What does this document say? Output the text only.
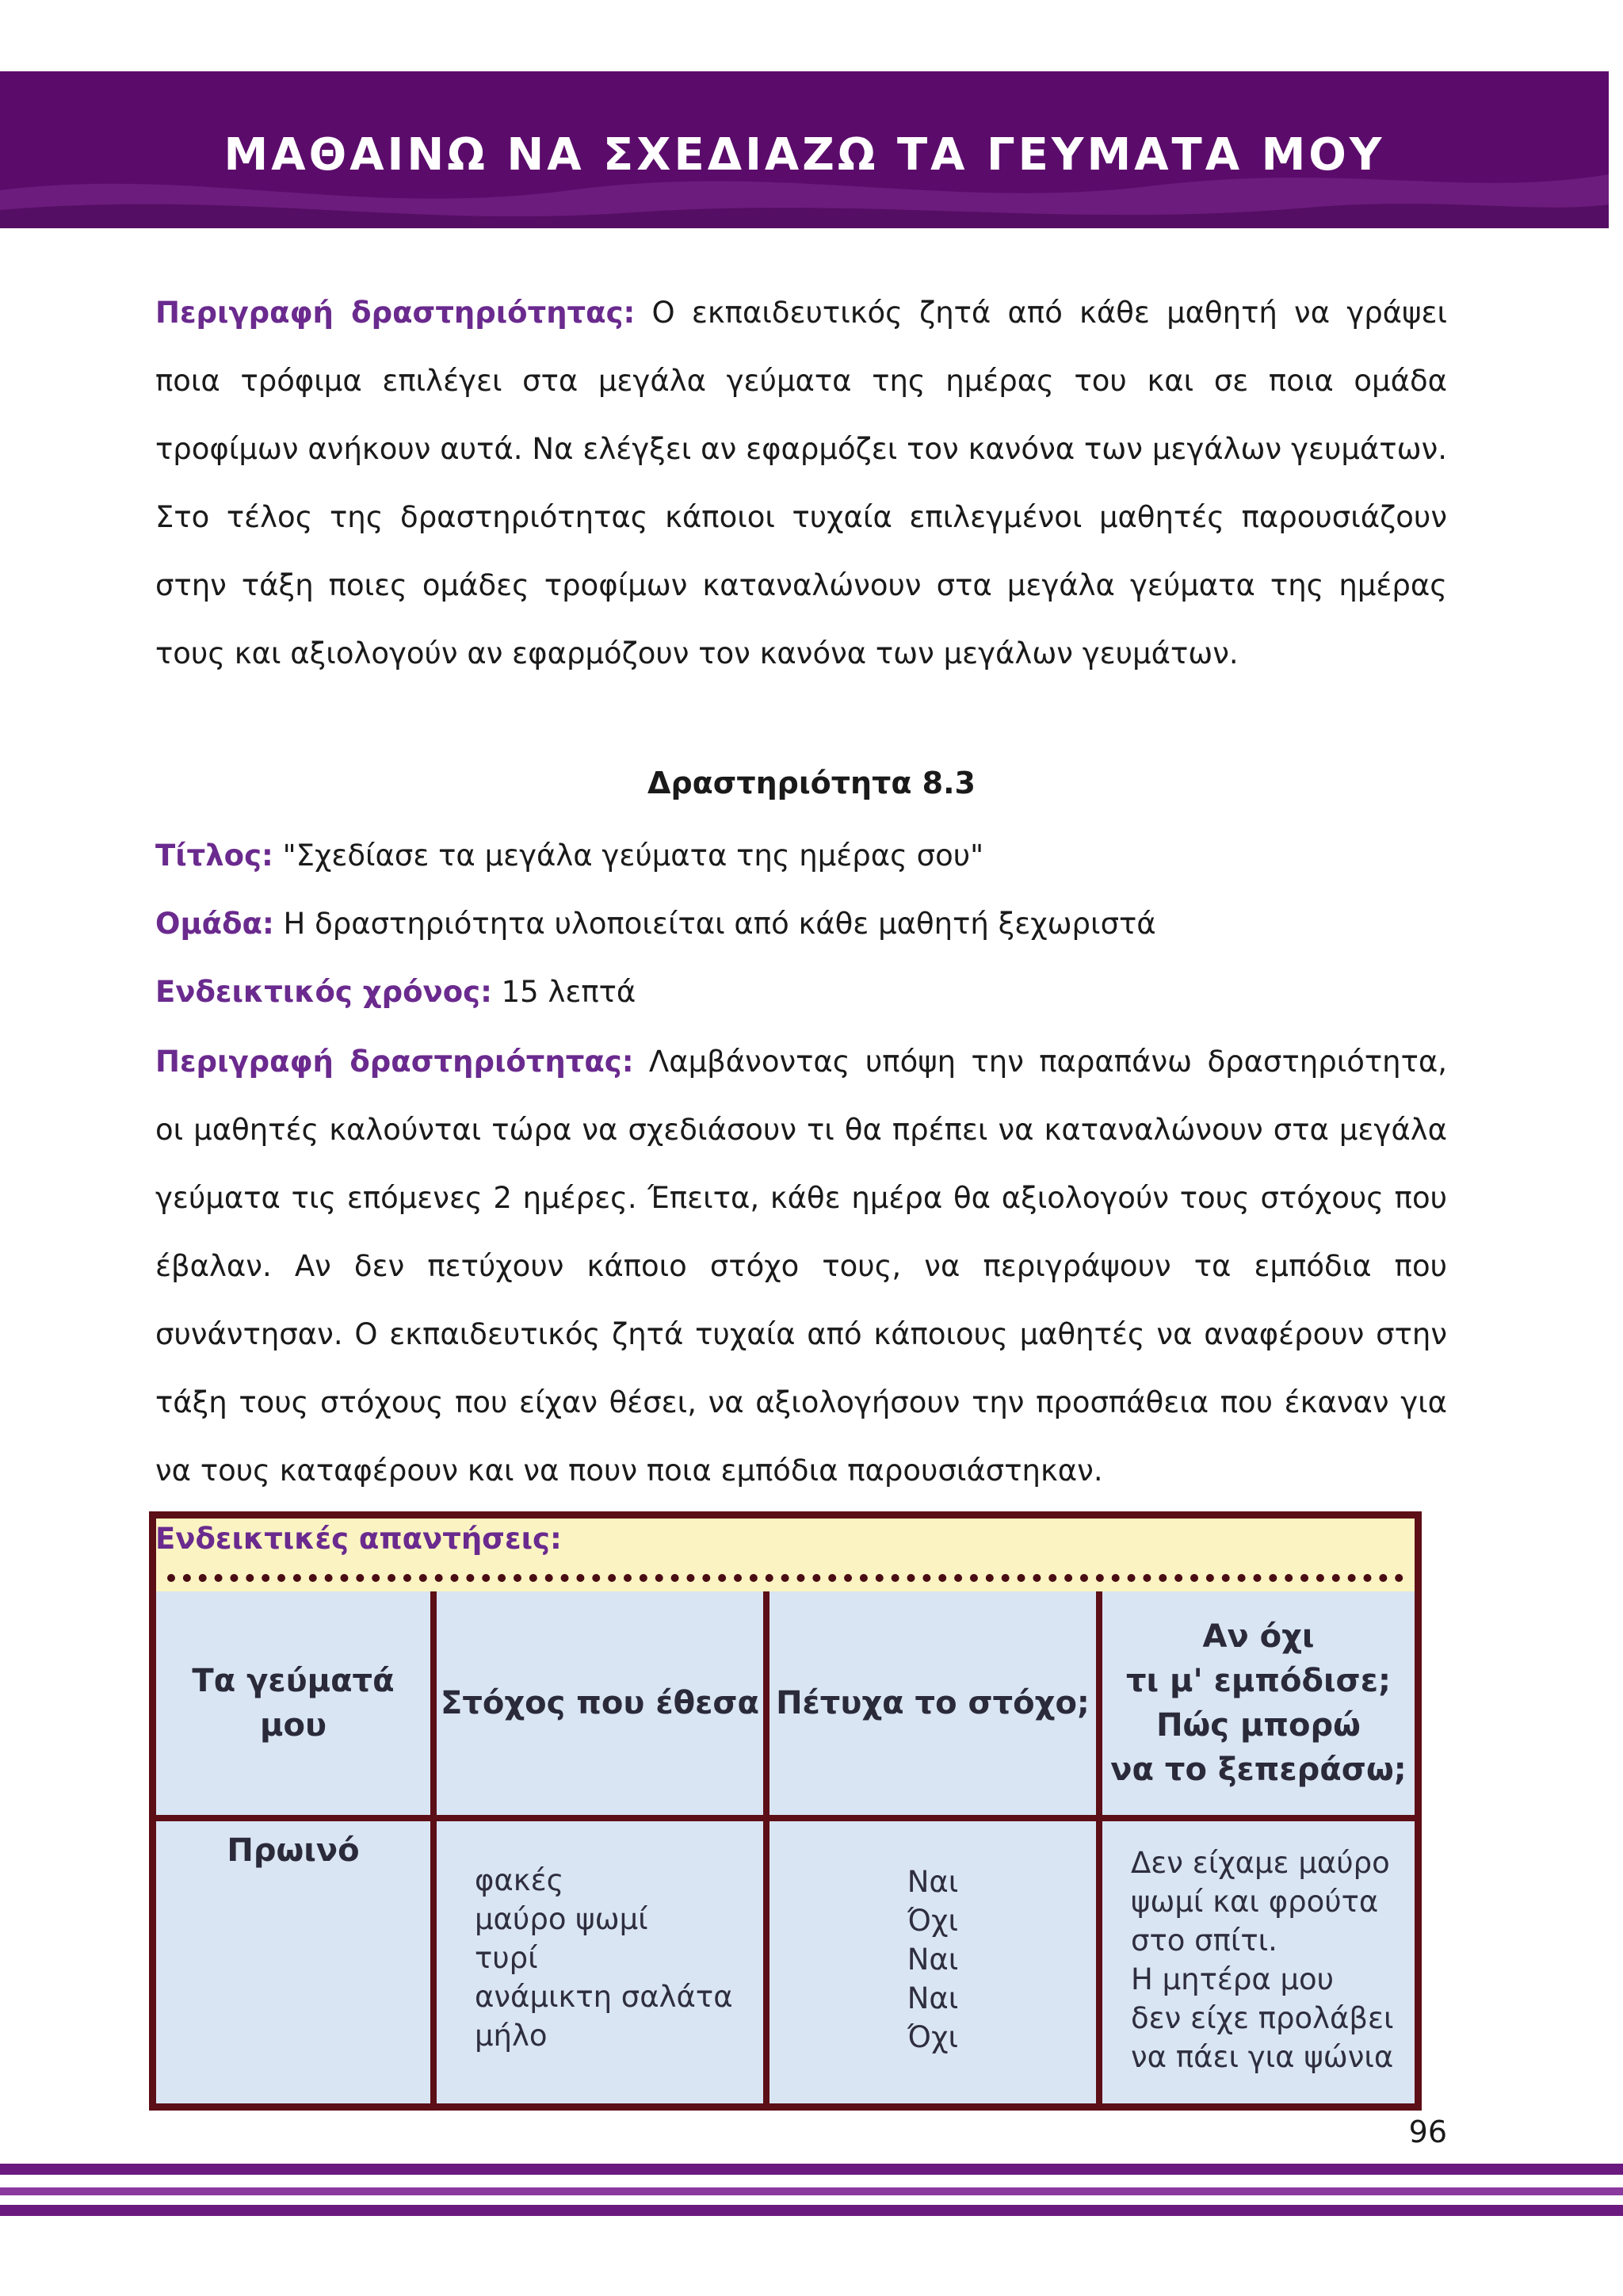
ΜΑΘΑΙΝΩ ΝΑ ΣΧΕΔΙΑΖΩ ΤΑ ΓΕΥΜΑΤΑ ΜΟΥ

Περιγραφή δραστηριότητας: Ο εκπαιδευτικός ζητά από κάθε μαθητή να γράψει ποια τρόφιμα επιλέγει στα μεγάλα γεύματα της ημέρας του και σε ποια ομάδα τροφίμων ανήκουν αυτά. Να ελέγξει αν εφαρμόζει τον κανόνα των μεγάλων γευμάτων. Στο τέλος της δραστηριότητας κάποιοι τυχαία επιλεγμένοι μαθητές παρουσιάζουν στην τάξη ποιες ομάδες τροφίμων καταναλώνουν στα μεγάλα γεύματα της ημέρας τους και αξιολογούν αν εφαρμόζουν τον κανόνα των μεγάλων γευμάτων.

Δραστηριότητα 8.3

Τίτλος: "Σχεδίασε τα μεγάλα γεύματα της ημέρας σου"

Ομάδα: Η δραστηριότητα υλοποιείται από κάθε μαθητή ξεχωριστά

Ενδεικτικός χρόνος: 15 λεπτά

Περιγραφή δραστηριότητας: Λαμβάνοντας υπόψη την παραπάνω δραστηριότητα, οι μαθητές καλούνται τώρα να σχεδιάσουν τι θα πρέπει να καταναλώνουν στα μεγάλα γεύματα τις επόμενες 2 ημέρες. Έπειτα, κάθε ημέρα θα αξιολογούν τους στόχους που έβαλαν. Αν δεν πετύχουν κάποιο στόχο τους, να περιγράψουν τα εμπόδια που συνάντησαν. Ο εκπαιδευτικός ζητά τυχαία από κάποιους μαθητές να αναφέρουν στην τάξη τους στόχους που είχαν θέσει, να αξιολογήσουν την προσπάθεια που έκαναν για να τους καταφέρουν και να πουν ποια εμπόδια παρουσιάστηκαν.

Ενδεικτικές απαντήσεις:
Τα γεύματά μου
Στόχος που έθεσα Πέτυχα το στόχο;
Αν όχι
τι μ' εμπόδισε;
Πώς μπορώ
να το ξεπεράσω;
Πρωινό
φακές
μαύρο ψωμί
τυρί
ανάμικτη σαλάτα
μήλο
Ναι
Όχι
Ναι
Ναι
Όχι
Δεν είχαμε μαύρο
ψωμί και φρούτα
στο σπίτι.
Η μητέρα μου
δεν είχε προλάβει
να πάει για ψώνια
96
